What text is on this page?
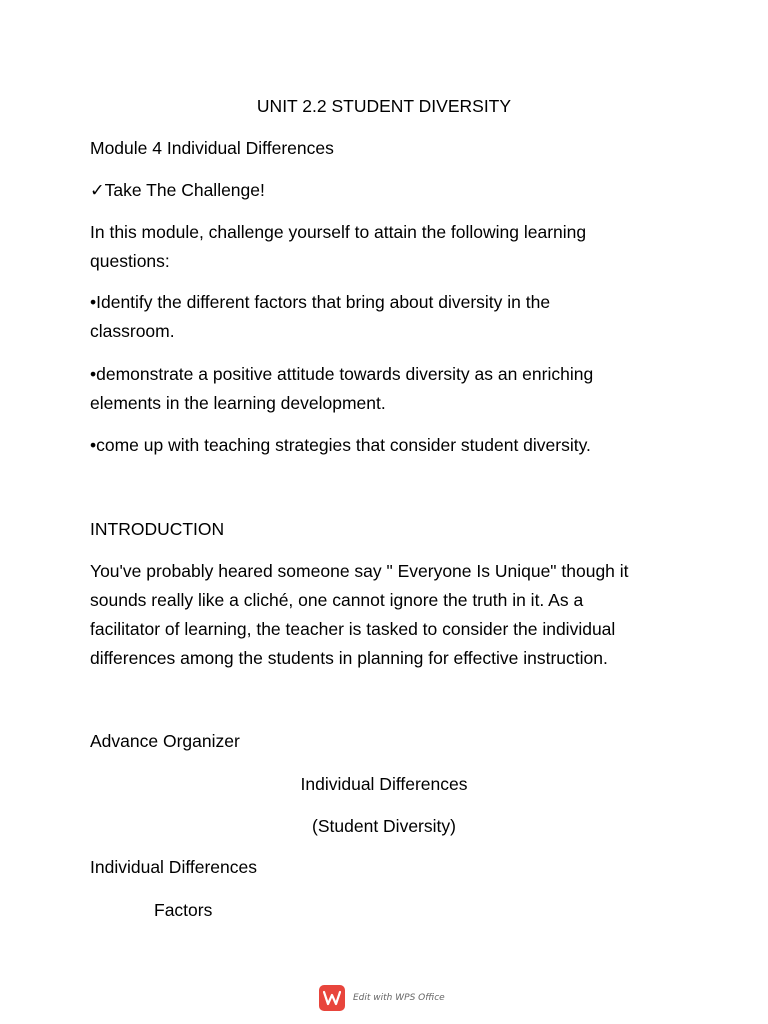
UNIT 2.2 STUDENT DIVERSITY
Module 4 Individual Differences
✓Take The Challenge!
In this module, challenge yourself to attain the following learning
questions:
•Identify the different factors that bring about diversity in the
classroom.
•demonstrate a positive attitude towards diversity as an enriching
elements in the learning development.
•come up with teaching strategies that consider student diversity.
INTRODUCTION
You've probably heared someone say " Everyone Is Unique" though it
sounds really like a cliché, one cannot ignore the truth in it. As a
facilitator of learning, the teacher is tasked to consider the individual
differences among the students in planning for effective instruction.
Advance Organizer
Individual Differences
(Student Diversity)
Individual Differences
Factors
Edit with WPS Office
